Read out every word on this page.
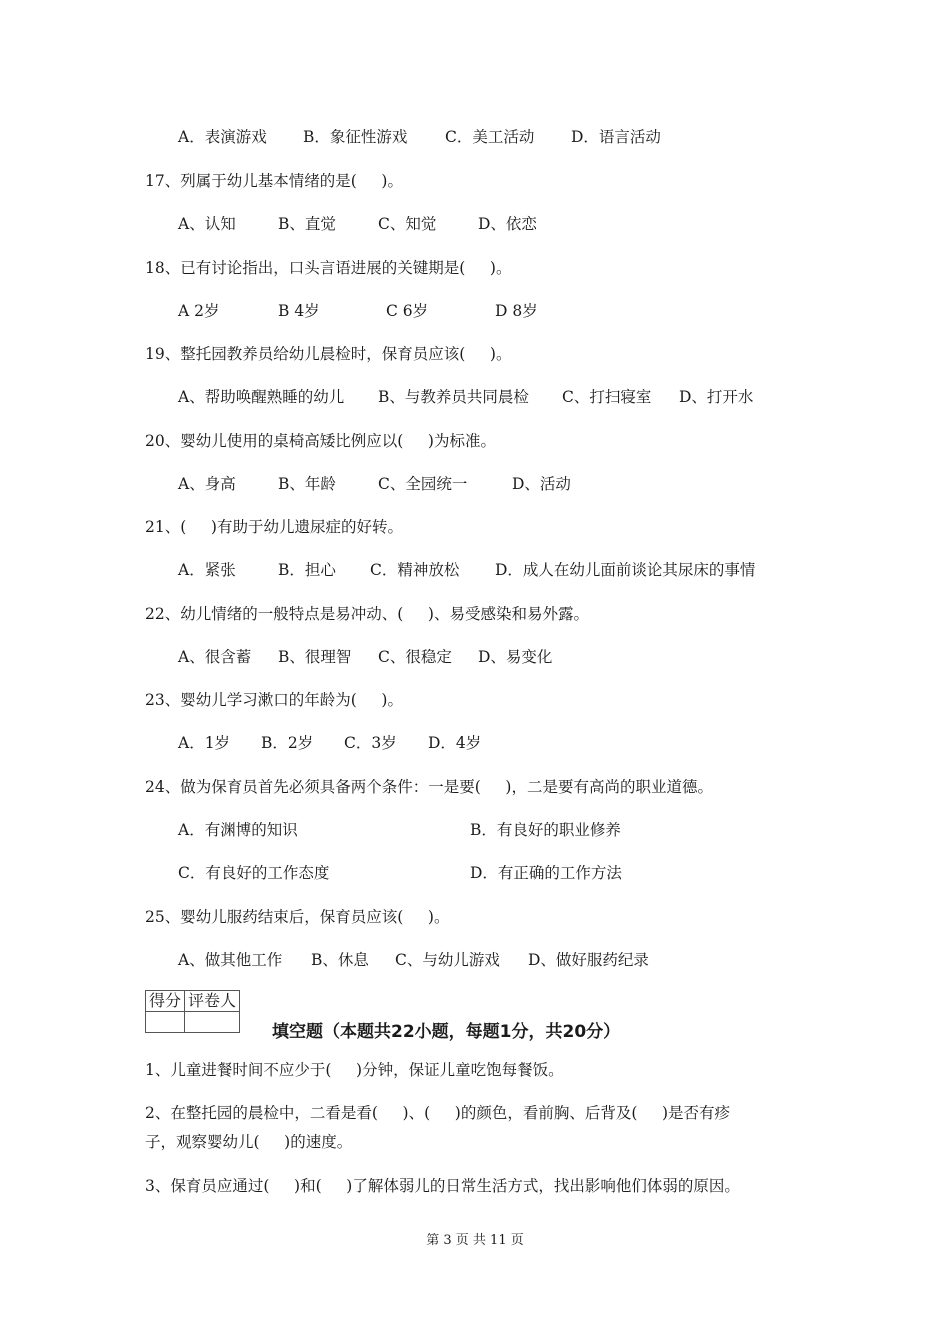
A．表演游戏 B．象征性游戏 C．美工活动 D．语言活动
17、列属于幼儿基本情绪的是(     )。
A、认知	B、直觉	C、知觉	D、依恋
18、已有讨论指出，口头言语进展的关键期是(     )。
A 2岁	B 4岁	C 6岁	D 8岁
19、整托园教养员给幼儿晨检时，保育员应该(     )。
A、帮助唤醒熟睡的幼儿 B、与教养员共同晨检 C、打扫寝室 D、打开水
20、婴幼儿使用的桌椅高矮比例应以(     )为标准。
A、身高	B、年龄	C、全园统一	D、活动
21、(     )有助于幼儿遗尿症的好转。
A．紧张	B．担心 C．精神放松 D．成人在幼儿面前谈论其尿床的事情
22、幼儿情绪的一般特点是易冲动、(     )、易受感染和易外露。
A、很含蓄 B、很理智 C、很稳定 D、易变化
23、婴幼儿学习漱口的年龄为(     )。
A．1岁 B．2岁 C．3岁 D．4岁
24、做为保育员首先必须具备两个条件：一是要(     )，二是要有高尚的职业道德。
A．有渊博的知识	B．有良好的职业修养
C．有良好的工作态度	D．有正确的工作方法
25、婴幼儿服药结束后，保育员应该(     )。
A、做其他工作 B、休息 C、与幼儿游戏 D、做好服药纪录
得分	评卷人

填空题（本题共22小题，每题1分，共20分）
1、儿童进餐时间不应少于(     )分钟，保证儿童吃饱每餐饭。
2、在整托园的晨检中，二看是看(     )、(     )的颜色，看前胸、后背及(     )是否有疹
子，观察婴幼儿(     )的速度。
3、保育员应通过(     )和(     )了解体弱儿的日常生活方式，找出影响他们体弱的原因。
第 3 页 共 11 页
